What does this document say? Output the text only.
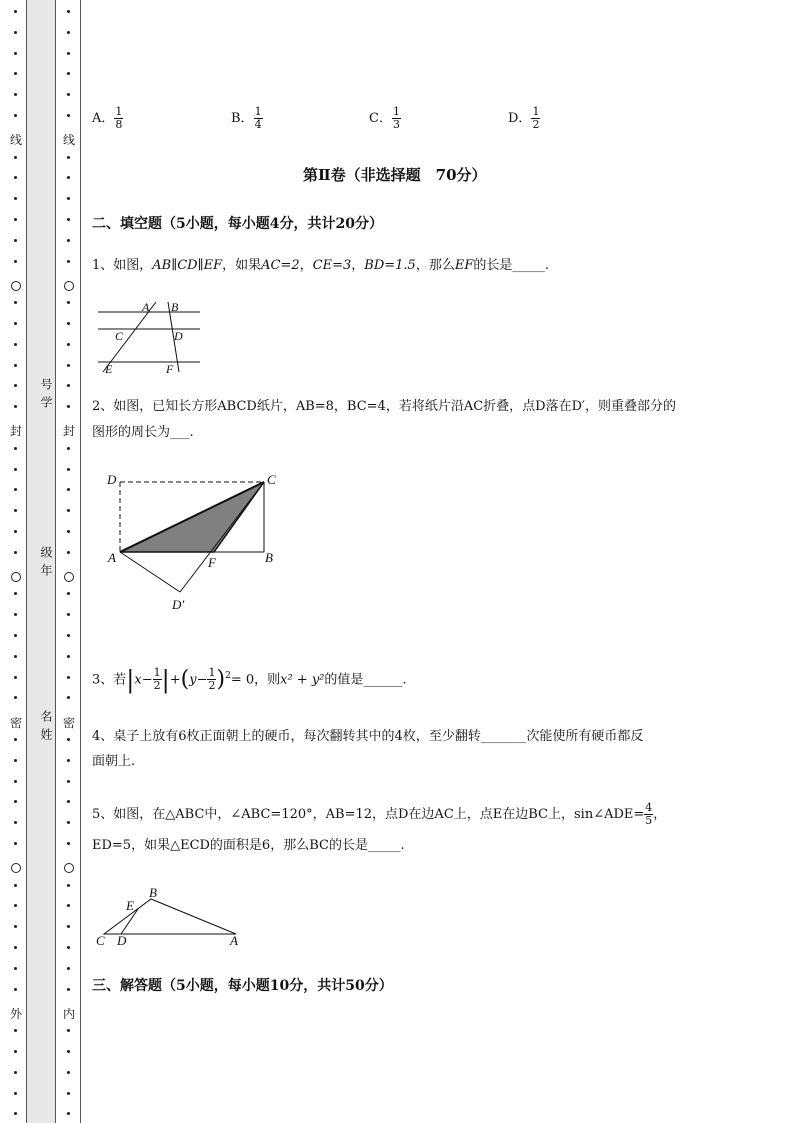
线
封
密
外
线
封
密
内
号学
级年
名姓
A． $\frac{1}{8}$	B． $\frac{1}{4}$	C． $\frac{1}{3}$	D． $\frac{1}{2}$
第Ⅱ卷（非选择题　70分）
二、填空题（5小题，每小题4分，共计20分）
1、如图，AB∥CD∥EF，如果AC=2，CE=3，BD=1.5，那么EF的长是_____.
A B
C	D
E	F
2、如图，已知长方形ABCD纸片，AB=8，BC=4，若将纸片沿AC折叠，点D落在D′，则重叠部分的
图形的周长为___.
D	C
A	B
F
D′
3、若$|x- \frac{1}{2} |+(y- \frac{1}{2} )^2= 0$，则x² + y²的值是______.
4、桌子上放有6枚正面朝上的硬币，每次翻转其中的4枚，至少翻转_______次能使所有硬币都反
面朝上.
5、如图，在△ABC中，∠ABC=120°，AB=12，点D在边AC上，点E在边BC上，sin∠ADE= $\frac{4}{5}$ ，
ED=5，如果△ECD的面积是6，那么BC的长是_____.
B
E
C D	A
三、解答题（5小题，每小题10分，共计50分）
